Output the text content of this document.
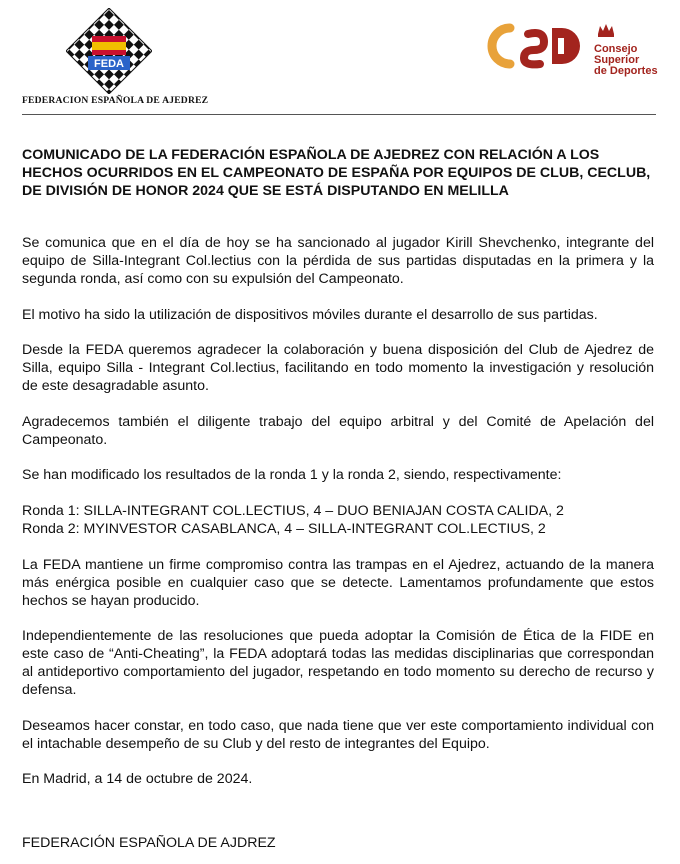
FEDA
FEDERACION ESPAÑOLA DE AJEDREZ
Consejo
Superior
de Deportes

COMUNICADO DE LA FEDERACIÓN ESPAÑOLA DE AJEDREZ CON RELACIÓN A LOS HECHOS OCURRIDOS EN EL CAMPEONATO DE ESPAÑA POR EQUIPOS DE CLUB, CECLUB, DE DIVISIÓN DE HONOR 2024 QUE SE ESTÁ DISPUTANDO EN MELILLA

Se comunica que en el día de hoy se ha sancionado al jugador Kirill Shevchenko, integrante del equipo de Silla-Integrant Col.lectius con la pérdida de sus partidas disputadas en la primera y la segunda ronda, así como con su expulsión del Campeonato.

El motivo ha sido la utilización de dispositivos móviles durante el desarrollo de sus partidas.

Desde la FEDA queremos agradecer la colaboración y buena disposición del Club de Ajedrez de Silla, equipo Silla - Integrant Col.lectius, facilitando en todo momento la investigación y resolución de este desagradable asunto.

Agradecemos también el diligente trabajo del equipo arbitral y del Comité de Apelación del Campeonato.

Se han modificado los resultados de la ronda 1 y la ronda 2, siendo, respectivamente:

Ronda 1: SILLA-INTEGRANT COL.LECTIUS, 4 – DUO BENIAJAN COSTA CALIDA, 2

Ronda 2: MYINVESTOR CASABLANCA, 4 – SILLA-INTEGRANT COL.LECTIUS, 2

La FEDA mantiene un firme compromiso contra las trampas en el Ajedrez, actuando de la manera más enérgica posible en cualquier caso que se detecte. Lamentamos profundamente que estos hechos se hayan producido.

Independientemente de las resoluciones que pueda adoptar la Comisión de Ética de la FIDE en este caso de “Anti-Cheating”, la FEDA adoptará todas las medidas disciplinarias que correspondan al antideportivo comportamiento del jugador, respetando en todo momento su derecho de recurso y defensa.

Deseamos hacer constar, en todo caso, que nada tiene que ver este comportamiento individual con el intachable desempeño de su Club y del resto de integrantes del Equipo.

En Madrid, a 14 de octubre de 2024.

FEDERACIÓN ESPAÑOLA DE AJDREZ
